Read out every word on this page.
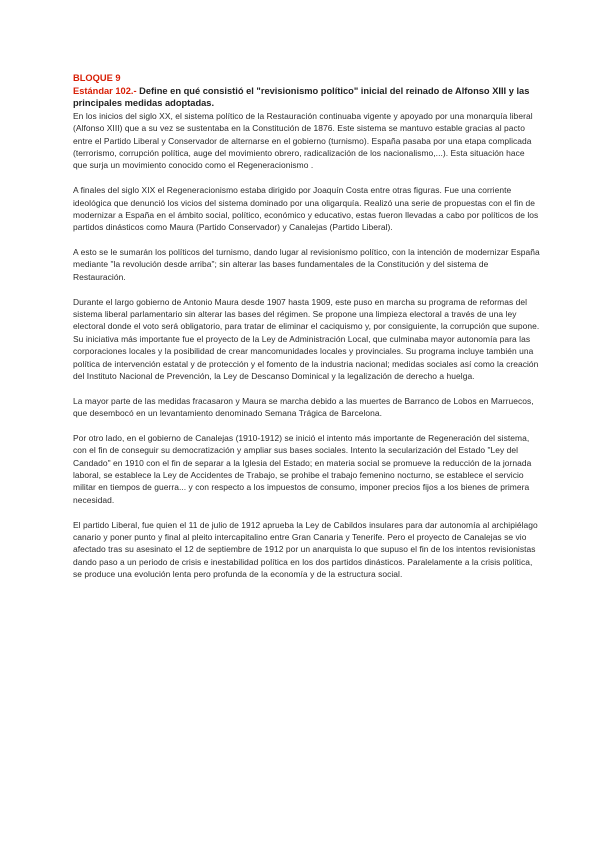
BLOQUE 9
Estándar 102.- Define en qué consistió el "revisionismo político" inicial del reinado de Alfonso XIII y las principales medidas adoptadas.

En los inicios del siglo XX, el sistema político de la Restauración continuaba vigente y apoyado por una monarquía liberal (Alfonso XIII) que a su vez se sustentaba en la Constitución de 1876. Este sistema se mantuvo estable gracias al pacto entre el Partido Liberal y Conservador de alternarse en el gobierno (turnismo). España pasaba por una etapa complicada (terrorismo, corrupción política, auge del movimiento obrero, radicalización de los nacionalismo,...). Esta situación hace que surja un movimiento conocido como el Regeneracionismo .

A finales del siglo XIX el Regeneracionismo estaba dirigido por Joaquín Costa entre otras figuras. Fue una corriente ideológica que denunció los vicios del sistema dominado por una oligarquía. Realizó una serie de propuestas con el fin de modernizar a España en el ámbito social, político, económico y educativo, estas fueron llevadas a cabo por políticos de los partidos dinásticos como Maura (Partido Conservador) y Canalejas (Partido Liberal).

A esto se le sumarán los políticos del turnismo, dando lugar al revisionismo político, con la intención de modernizar España mediante "la revolución desde arriba"; sin alterar las bases fundamentales de la Constitución y del sistema de Restauración.

Durante el largo gobierno de Antonio Maura desde 1907 hasta 1909, este puso en marcha su programa de reformas del sistema liberal parlamentario sin alterar las bases del régimen. Se propone una limpieza electoral a través de una ley electoral donde el voto será obligatorio, para tratar de eliminar el caciquismo y, por consiguiente, la corrupción que supone. Su iniciativa más importante fue el proyecto de la Ley de Administración Local, que culminaba mayor autonomía para las corporaciones locales y la posibilidad de crear mancomunidades locales y provinciales. Su programa incluye también una política de intervención estatal y de protección y el fomento de la industria nacional; medidas sociales así como la creación del Instituto Nacional de Prevención, la Ley de Descanso Dominical y la legalización de derecho a huelga.

La mayor parte de las medidas fracasaron y Maura se marcha debido a las muertes de Barranco de Lobos en Marruecos, que desembocó en un levantamiento denominado Semana Trágica de Barcelona.

Por otro lado, en el gobierno de Canalejas (1910-1912) se inició el intento más importante de Regeneración del sistema, con el fin de conseguir su democratización y ampliar sus bases sociales. Intento la secularización del Estado "Ley del Candado" en 1910 con el fin de separar a la Iglesia del Estado; en materia social se promueve la reducción de la jornada laboral, se establece la Ley de Accidentes de Trabajo, se prohibe el trabajo femenino nocturno, se establece el servicio militar en tiempos de guerra... y con respecto a los impuestos de consumo, imponer precios fijos a los bienes de primera necesidad.

El partido Liberal, fue quien el 11 de julio de 1912 aprueba la Ley de Cabildos insulares para dar autonomía al archipiélago canario y poner punto y final al pleito intercapitalino entre Gran Canaria y Tenerife. Pero el proyecto de Canalejas se vio afectado tras su asesinato el 12 de septiembre de 1912 por un anarquista lo que supuso el fin de los intentos revisionistas dando paso a un periodo de crisis e inestabilidad política en los dos partidos dinásticos. Paralelamente a la crisis política, se produce una evolución lenta pero profunda de la economía y de la estructura social.
